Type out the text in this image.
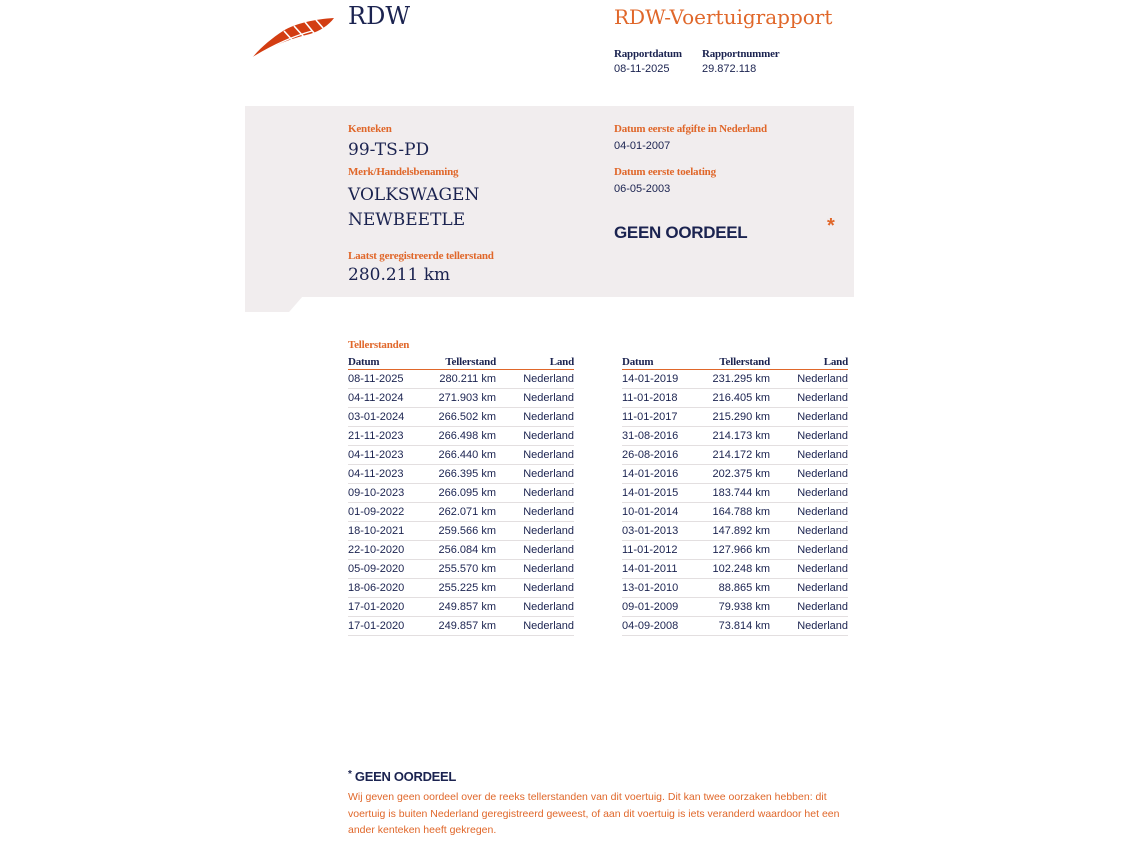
RDW	RDW-Voertuigrapport
Rapportdatum
08-11-2025
Rapportnummer
29.872.118
Kenteken
99-TS-PD
Merk/Handelsbenaming
VOLKSWAGEN
NEWBEETLE
Laatst geregistreerde tellerstand
280.211 km
Datum eerste afgifte in Nederland
04-01-2007
Datum eerste toelating
06-05-2003
GEEN OORDEEL	*
Tellerstanden
Datum	Tellerstand	Land
08-11-2025	280.211 km	Nederland
04-11-2024	271.903 km	Nederland
03-01-2024	266.502 km	Nederland
21-11-2023	266.498 km	Nederland
04-11-2023	266.440 km	Nederland
04-11-2023	266.395 km	Nederland
09-10-2023	266.095 km	Nederland
01-09-2022	262.071 km	Nederland
18-10-2021	259.566 km	Nederland
22-10-2020	256.084 km	Nederland
05-09-2020	255.570 km	Nederland
18-06-2020	255.225 km	Nederland
17-01-2020	249.857 km	Nederland
17-01-2020	249.857 km	Nederland
Datum	Tellerstand	Land
14-01-2019	231.295 km	Nederland
11-01-2018	216.405 km	Nederland
11-01-2017	215.290 km	Nederland
31-08-2016	214.173 km	Nederland
26-08-2016	214.172 km	Nederland
14-01-2016	202.375 km	Nederland
14-01-2015	183.744 km	Nederland
10-01-2014	164.788 km	Nederland
03-01-2013	147.892 km	Nederland
11-01-2012	127.966 km	Nederland
14-01-2011	102.248 km	Nederland
13-01-2010	88.865 km	Nederland
09-01-2009	79.938 km	Nederland
04-09-2008	73.814 km	Nederland
* GEEN OORDEEL
Wij geven geen oordeel over de reeks tellerstanden van dit voertuig. Dit kan twee oorzaken hebben: dit voertuig is buiten Nederland geregistreerd geweest, of aan dit voertuig is iets veranderd waardoor het een ander kenteken heeft gekregen.
